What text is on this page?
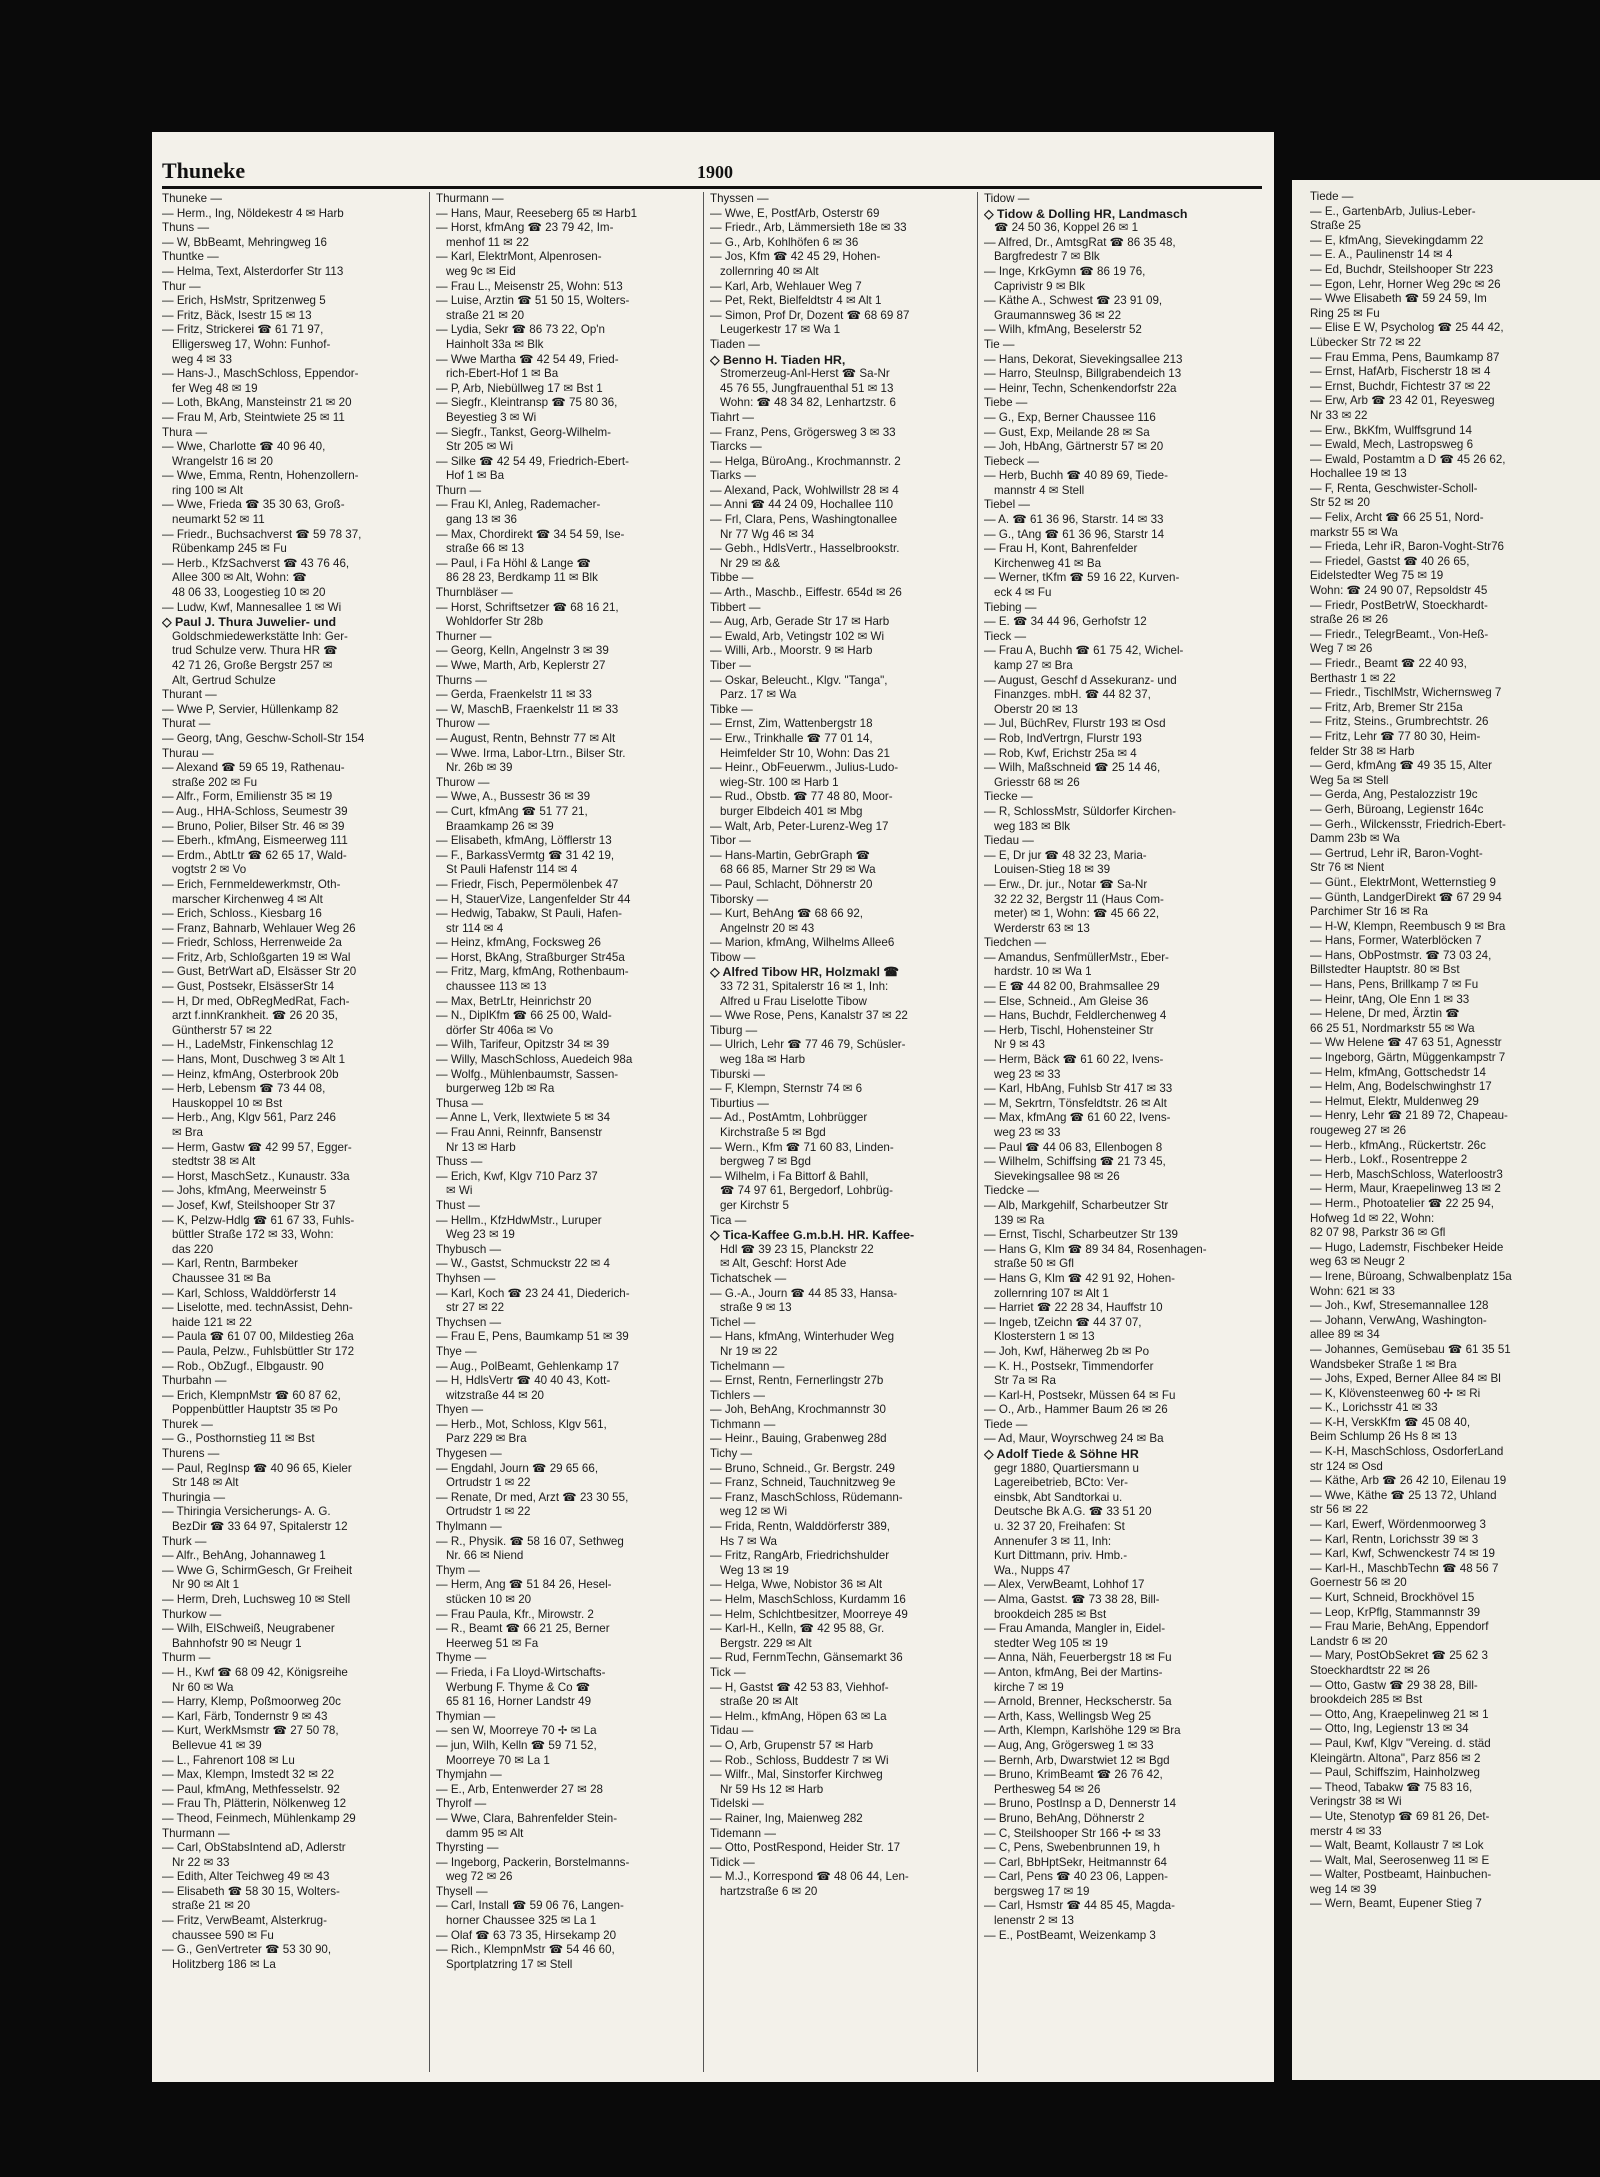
Thuneke	1900
Thuneke —
— Herm., Ing, Nöldekestr 4 ✉ Harb
Thuns —
— W, BbBeamt, Mehringweg 16
Thuntke —
— Helma, Text, Alsterdorfer Str 113
Thur —
— Erich, HsMstr, Spritzenweg 5
— Fritz, Bäck, Isestr 15 ✉ 13
— Fritz, Strickerei ☎ 61 71 97,
Elligersweg 17, Wohn: Funhof-
weg 4 ✉ 33
— Hans-J., MaschSchloss, Eppendor-
fer Weg 48 ✉ 19
— Loth, BkAng, Mansteinstr 21 ✉ 20
— Frau M, Arb, Steintwiete 25 ✉ 11
Thura —
— Wwe, Charlotte ☎ 40 96 40,
Wrangelstr 16 ✉ 20
— Wwe, Emma, Rentn, Hohenzollern-
ring 100 ✉ Alt
— Wwe, Frieda ☎ 35 30 63, Groß-
neumarkt 52 ✉ 11
— Friedr., Buchsachverst ☎ 59 78 37,
Rübenkamp 245 ✉ Fu
— Herb., KfzSachverst ☎ 43 76 46,
Allee 300 ✉ Alt, Wohn: ☎
48 06 33, Loogestieg 10 ✉ 20
— Ludw, Kwf, Mannesallee 1 ✉ Wi
◇ Paul J. Thura Juwelier- und
Goldschmiedewerkstätte Inh: Ger-
trud Schulze verw. Thura HR ☎
42 71 26, Große Bergstr 257 ✉
Alt, Gertrud Schulze
Thurant —
— Wwe P, Servier, Hüllenkamp 82
Thurat —
— Georg, tAng, Geschw-Scholl-Str 154
Thurau —
— Alexand ☎ 59 65 19, Rathenau-
straße 202 ✉ Fu
— Alfr., Form, Emilienstr 35 ✉ 19
— Aug., HHA-Schloss, Seumestr 39
— Bruno, Polier, Bilser Str. 46 ✉ 39
— Eberh., kfmAng, Eismeerweg 111
— Erdm., AbtLtr ☎ 62 65 17, Wald-
vogtstr 2 ✉ Vo
— Erich, Fernmeldewerkmstr, Oth-
marscher Kirchenweg 4 ✉ Alt
— Erich, Schloss., Kiesbarg 16
— Franz, Bahnarb, Wehlauer Weg 26
— Friedr, Schloss, Herrenweide 2a
— Fritz, Arb, Schloßgarten 19 ✉ Wal
— Gust, BetrWart aD, Elsässer Str 20
— Gust, Postsekr, ElsässerStr 14
— H, Dr med, ObRegMedRat, Fach-
arzt f.innKrankheit. ☎ 26 20 35,
Güntherstr 57 ✉ 22
— H., LadeMstr, Finkenschlag 12
— Hans, Mont, Duschweg 3 ✉ Alt 1
— Heinz, kfmAng, Osterbrook 20b
— Herb, Lebensm ☎ 73 44 08,
Hauskoppel 10 ✉ Bst
— Herb., Ang, Klgv 561, Parz 246
✉ Bra
— Herm, Gastw ☎ 42 99 57, Egger-
stedtstr 38 ✉ Alt
— Horst, MaschSetz., Kunaustr. 33a
— Johs, kfmAng, Meerweinstr 5
— Josef, Kwf, Steilshooper Str 37
— K, Pelzw-Hdlg ☎ 61 67 33, Fuhls-
büttler Straße 172 ✉ 33, Wohn:
das 220
— Karl, Rentn, Barmbeker
Chaussee 31 ✉ Ba
— Karl, Schloss, Walddörferstr 14
— Liselotte, med. technAssist, Dehn-
haide 121 ✉ 22
— Paula ☎ 61 07 00, Mildestieg 26a
— Paula, Pelzw., Fuhlsbüttler Str 172
— Rob., ObZugf., Elbgaustr. 90
Thurbahn —
— Erich, KlempnMstr ☎ 60 87 62,
Poppenbüttler Hauptstr 35 ✉ Po
Thurek —
— G., Posthornstieg 11 ✉ Bst
Thurens —
— Paul, RegInsp ☎ 40 96 65, Kieler
Str 148 ✉ Alt
Thuringia —
— Thiringia Versicherungs- A. G.
BezDir ☎ 33 64 97, Spitalerstr 12
Thurk —
— Alfr., BehAng, Johannaweg 1
— Wwe G, SchirmGesch, Gr Freiheit
Nr 90 ✉ Alt 1
— Herm, Dreh, Luchsweg 10 ✉ Stell
Thurkow —
— Wilh, ElSchweiß, Neugrabener
Bahnhofstr 90 ✉ Neugr 1
Thurm —
— H., Kwf ☎ 68 09 42, Königsreihe
Nr 60 ✉ Wa
— Harry, Klemp, Poßmoorweg 20c
— Karl, Färb, Tondernstr 9 ✉ 43
— Kurt, WerkMsmstr ☎ 27 50 78,
Bellevue 41 ✉ 39
— L., Fahrenort 108 ✉ Lu
— Max, Klempn, Imstedt 32 ✉ 22
— Paul, kfmAng, Methfesselstr. 92
— Frau Th, Plätterin, Nölkenweg 12
— Theod, Feinmech, Mühlenkamp 29
Thurmann —
— Carl, ObStabsIntend aD, Adlerstr
Nr 22 ✉ 33
— Edith, Alter Teichweg 49 ✉ 43
— Elisabeth ☎ 58 30 15, Wolters-
straße 21 ✉ 20
— Fritz, VerwBeamt, Alsterkrug-
chaussee 590 ✉ Fu
— G., GenVertreter ☎ 53 30 90,
Holitzberg 186 ✉ La
Thurmann —
— Hans, Maur, Reeseberg 65 ✉ Harb1
— Horst, kfmAng ☎ 23 79 42, Im-
menhof 11 ✉ 22
— Karl, ElektrMont, Alpenrosen-
weg 9c ✉ Eid
— Frau L., Meisenstr 25, Wohn: 513
— Luise, Arztin ☎ 51 50 15, Wolters-
straße 21 ✉ 20
— Lydia, Sekr ☎ 86 73 22, Op'n
Hainholt 33a ✉ Blk
— Wwe Martha ☎ 42 54 49, Fried-
rich-Ebert-Hof 1 ✉ Ba
— P, Arb, Niebüllweg 17 ✉ Bst 1
— Siegfr., Kleintransp ☎ 75 80 36,
Beyestieg 3 ✉ Wi
— Siegfr., Tankst, Georg-Wilhelm-
Str 205 ✉ Wi
— Silke ☎ 42 54 49, Friedrich-Ebert-
Hof 1 ✉ Ba
Thurn —
— Frau Kl, Anleg, Rademacher-
gang 13 ✉ 36
— Max, Chordirekt ☎ 34 54 59, Ise-
straße 66 ✉ 13
— Paul, i Fa Höhl & Lange ☎
86 28 23, Berdkamp 11 ✉ Blk
Thurnbläser —
— Horst, Schriftsetzer ☎ 68 16 21,
Wohldorfer Str 28b
Thurner —
— Georg, Kelln, Angelnstr 3 ✉ 39
— Wwe, Marth, Arb, Keplerstr 27
Thurns —
— Gerda, Fraenkelstr 11 ✉ 33
— W, MaschB, Fraenkelstr 11 ✉ 33
Thurow —
— August, Rentn, Behnstr 77 ✉ Alt
— Wwe. Irma, Labor-Ltrn., Bilser Str.
Nr. 26b ✉ 39
Thurow —
— Wwe, A., Bussestr 36 ✉ 39
— Curt, kfmAng ☎ 51 77 21,
Braamkamp 26 ✉ 39
— Elisabeth, kfmAng, Löfflerstr 13
— F., BarkassVermtg ☎ 31 42 19,
St Pauli Hafenstr 114 ✉ 4
— Friedr, Fisch, Pepermölenbek 47
— H, StauerVize, Langenfelder Str 44
— Hedwig, Tabakw, St Pauli, Hafen-
str 114 ✉ 4
— Heinz, kfmAng, Focksweg 26
— Horst, BkAng, Straßburger Str45a
— Fritz, Marg, kfmAng, Rothenbaum-
chaussee 113 ✉ 13
— Max, BetrLtr, Heinrichstr 20
— N., DiplKfm ☎ 66 25 00, Wald-
dörfer Str 406a ✉ Vo
— Wilh, Tarifeur, Opitzstr 34 ✉ 39
— Willy, MaschSchloss, Auedeich 98a
— Wolfg., Mühlenbaumstr, Sassen-
burgerweg 12b ✉ Ra
Thusa —
— Anne L, Verk, Ilextwiete 5 ✉ 34
— Frau Anni, Reinnfr, Bansenstr
Nr 13 ✉ Harb
Thuss —
— Erich, Kwf, Klgv 710 Parz 37
✉ Wi
Thust —
— Hellm., KfzHdwMstr., Luruper
Weg 23 ✉ 19
Thybusch —
— W., Gastst, Schmuckstr 22 ✉ 4
Thyhsen —
— Karl, Koch ☎ 23 24 41, Diederich-
str 27 ✉ 22
Thychsen —
— Frau E, Pens, Baumkamp 51 ✉ 39
Thye —
— Aug., PolBeamt, Gehlenkamp 17
— H, HdlsVertr ☎ 40 40 43, Kott-
witzstraße 44 ✉ 20
Thyen —
— Herb., Mot, Schloss, Klgv 561,
Parz 229 ✉ Bra
Thygesen —
— Engdahl, Journ ☎ 29 65 66,
Ortrudstr 1 ✉ 22
— Renate, Dr med, Arzt ☎ 23 30 55,
Ortrudstr 1 ✉ 22
Thylmann —
— R., Physik. ☎ 58 16 07, Sethweg
Nr. 66 ✉ Niend
Thym —
— Herm, Ang ☎ 51 84 26, Hesel-
stücken 10 ✉ 20
— Frau Paula, Kfr., Mirowstr. 2
— R., Beamt ☎ 66 21 25, Berner
Heerweg 51 ✉ Fa
Thyme —
— Frieda, i Fa Lloyd-Wirtschafts-
Werbung F. Thyme & Co ☎
65 81 16, Horner Landstr 49
Thymian —
— sen W, Moorreye 70 ✢ ✉ La
— jun, Wilh, Kelln ☎ 59 71 52,
Moorreye 70 ✉ La 1
Thymjahn —
— E., Arb, Entenwerder 27 ✉ 28
Thyrolf —
— Wwe, Clara, Bahrenfelder Stein-
damm 95 ✉ Alt
Thyrsting —
— Ingeborg, Packerin, Borstelmanns-
weg 72 ✉ 26
Thysell —
— Carl, Install ☎ 59 06 76, Langen-
horner Chaussee 325 ✉ La 1
— Olaf ☎ 63 73 35, Hirsekamp 20
— Rich., KlempnMstr ☎ 54 46 60,
Sportplatzring 17 ✉ Stell
Thyssen —
— Wwe, E, PostfArb, Osterstr 69
— Friedr., Arb, Lämmersieth 18e ✉ 33
— G., Arb, Kohlhöfen 6 ✉ 36
— Jos, Kfm ☎ 42 45 29, Hohen-
zollernring 40 ✉ Alt
— Karl, Arb, Wehlauer Weg 7
— Pet, Rekt, Bielfeldtstr 4 ✉ Alt 1
— Simon, Prof Dr, Dozent ☎ 68 69 87
Leugerkestr 17 ✉ Wa 1
Tiaden —
◇ Benno H. Tiaden HR,
Stromerzeug-Anl-Herst ☎ Sa-Nr
45 76 55, Jungfrauenthal 51 ✉ 13
Wohn: ☎ 48 34 82, Lenhartzstr. 6
Tiahrt —
— Franz, Pens, Grögersweg 3 ✉ 33
Tiarcks —
— Helga, BüroAng., Krochmannstr. 2
Tiarks —
— Alexand, Pack, Wohlwillstr 28 ✉ 4
— Anni ☎ 44 24 09, Hochallee 110
— Frl, Clara, Pens, Washingtonallee
Nr 77 Wg 46 ✉ 34
— Gebh., HdlsVertr., Hasselbrookstr.
Nr 29 ✉ &&
Tibbe —
— Arth., Maschb., Eiffestr. 654d ✉ 26
Tibbert —
— Aug, Arb, Gerade Str 17 ✉ Harb
— Ewald, Arb, Vetingstr 102 ✉ Wi
— Willi, Arb., Moorstr. 9 ✉ Harb
Tiber —
— Oskar, Beleucht., Klgv. "Tanga",
Parz. 17 ✉ Wa
Tibke —
— Ernst, Zim, Wattenbergstr 18
— Erw., Trinkhalle ☎ 77 01 14,
Heimfelder Str 10, Wohn: Das 21
— Heinr., ObFeuerwm., Julius-Ludo-
wieg-Str. 100 ✉ Harb 1
— Rud., Obstb. ☎ 77 48 80, Moor-
burger Elbdeich 401 ✉ Mbg
— Walt, Arb, Peter-Lurenz-Weg 17
Tibor —
— Hans-Martin, GebrGraph ☎
68 66 85, Marner Str 29 ✉ Wa
— Paul, Schlacht, Döhnerstr 20
Tiborsky —
— Kurt, BehAng ☎ 68 66 92,
Angelnstr 20 ✉ 43
— Marion, kfmAng, Wilhelms Allee6
Tibow —
◇ Alfred Tibow HR, Holzmakl ☎
33 72 31, Spitalerstr 16 ✉ 1, Inh:
Alfred u Frau Liselotte Tibow
— Wwe Rose, Pens, Kanalstr 37 ✉ 22
Tiburg —
— Ulrich, Lehr ☎ 77 46 79, Schüsler-
weg 18a ✉ Harb
Tiburski —
— F, Klempn, Sternstr 74 ✉ 6
Tiburtius —
— Ad., PostAmtm, Lohbrügger
Kirchstraße 5 ✉ Bgd
— Wern., Kfm ☎ 71 60 83, Linden-
bergweg 7 ✉ Bgd
— Wilhelm, i Fa Bittorf & Bahll,
☎ 74 97 61, Bergedorf, Lohbrüg-
ger Kirchstr 5
Tica —
◇ Tica-Kaffee G.m.b.H. HR. Kaffee-
Hdl ☎ 39 23 15, Planckstr 22
✉ Alt, Geschf: Horst Ade
Tichatschek —
— G.-A., Journ ☎ 44 85 33, Hansa-
straße 9 ✉ 13
Tichel —
— Hans, kfmAng, Winterhuder Weg
Nr 19 ✉ 22
Tichelmann —
— Ernst, Rentn, Fernerlingstr 27b
Tichlers —
— Joh, BehAng, Krochmannstr 30
Tichmann —
— Heinr., Bauing, Grabenweg 28d
Tichy —
— Bruno, Schneid., Gr. Bergstr. 249
— Franz, Schneid, Tauchnitzweg 9e
— Franz, MaschSchloss, Rüdemann-
weg 12 ✉ Wi
— Frida, Rentn, Walddörferstr 389,
Hs 7 ✉ Wa
— Fritz, RangArb, Friedrichshulder
Weg 13 ✉ 19
— Helga, Wwe, Nobistor 36 ✉ Alt
— Helm, MaschSchloss, Kurdamm 16
— Helm, Schlchtbesitzer, Moorreye 49
— Karl-H., Kelln, ☎ 42 95 88, Gr.
Bergstr. 229 ✉ Alt
— Rud, FernmTechn, Gänsemarkt 36
Tick —
— H, Gastst ☎ 42 53 83, Viehhof-
straße 20 ✉ Alt
— Helm., kfmAng, Höpen 63 ✉ La
Tidau —
— O, Arb, Grupenstr 57 ✉ Harb
— Rob., Schloss, Buddestr 7 ✉ Wi
— Wilfr., Mal, Sinstorfer Kirchweg
Nr 59 Hs 12 ✉ Harb
Tidelski —
— Rainer, Ing, Maienweg 282
Tidemann —
— Otto, PostRespond, Heider Str. 17
Tidick —
— M.J., Korrespond ☎ 48 06 44, Len-
hartzstraße 6 ✉ 20
Tidow —
◇ Tidow & Dolling HR, Landmasch
☎ 24 50 36, Koppel 26 ✉ 1
— Alfred, Dr., AmtsgRat ☎ 86 35 48,
Bargfredestr 7 ✉ Blk
— Inge, KrkGymn ☎ 86 19 76,
Caprivistr 9 ✉ Blk
— Käthe A., Schwest ☎ 23 91 09,
Graumannsweg 36 ✉ 22
— Wilh, kfmAng, Beselerstr 52
Tie —
— Hans, Dekorat, Sievekingsallee 213
— Harro, Steulnsp, Billgrabendeich 13
— Heinr, Techn, Schenkendorfstr 22a
Tiebe —
— G., Exp, Berner Chaussee 116
— Gust, Exp, Meilande 28 ✉ Sa
— Joh, HbAng, Gärtnerstr 57 ✉ 20
Tiebeck —
— Herb, Buchh ☎ 40 89 69, Tiede-
mannstr 4 ✉ Stell
Tiebel —
— A. ☎ 61 36 96, Starstr. 14 ✉ 33
— G., tAng ☎ 61 36 96, Starstr 14
— Frau H, Kont, Bahrenfelder
Kirchenweg 41 ✉ Ba
— Werner, tKfm ☎ 59 16 22, Kurven-
eck 4 ✉ Fu
Tiebing —
— E. ☎ 34 44 96, Gerhofstr 12
Tieck —
— Frau A, Buchh ☎ 61 75 42, Wichel-
kamp 27 ✉ Bra
— August, Geschf d Assekuranz- und
Finanzges. mbH. ☎ 44 82 37,
Oberstr 20 ✉ 13
— Jul, BüchRev, Flurstr 193 ✉ Osd
— Rob, IndVertrgn, Flurstr 193
— Rob, Kwf, Erichstr 25a ✉ 4
— Wilh, Maßschneid ☎ 25 14 46,
Griesstr 68 ✉ 26
Tiecke —
— R, SchlossMstr, Süldorfer Kirchen-
weg 183 ✉ Blk
Tiedau —
— E, Dr jur ☎ 48 32 23, Maria-
Louisen-Stieg 18 ✉ 39
— Erw., Dr. jur., Notar ☎ Sa-Nr
32 22 32, Bergstr 11 (Haus Com-
meter) ✉ 1, Wohn: ☎ 45 66 22,
Werderstr 63 ✉ 13
Tiedchen —
— Amandus, SenfmüllerMstr., Eber-
hardstr. 10 ✉ Wa 1
— E ☎ 44 82 00, Brahmsallee 29
— Else, Schneid., Am Gleise 36
— Hans, Buchdr, Feldlerchenweg 4
— Herb, Tischl, Hohensteiner Str
Nr 9 ✉ 43
— Herm, Bäck ☎ 61 60 22, Ivens-
weg 23 ✉ 33
— Karl, HbAng, Fuhlsb Str 417 ✉ 33
— M, Sekrtrn, Tönsfeldtstr. 26 ✉ Alt
— Max, kfmAng ☎ 61 60 22, Ivens-
weg 23 ✉ 33
— Paul ☎ 44 06 83, Ellenbogen 8
— Wilhelm, Schiffsing ☎ 21 73 45,
Sievekingsallee 98 ✉ 26
Tiedcke —
— Alb, Markgehilf, Scharbeutzer Str
139 ✉ Ra
— Ernst, Tischl, Scharbeutzer Str 139
— Hans G, Klm ☎ 89 34 84, Rosenhagen-
straße 50 ✉ Gfl
— Hans G, Klm ☎ 42 91 92, Hohen-
zollernring 107 ✉ Alt 1
— Harriet ☎ 22 28 34, Hauffstr 10
— Ingeb, tZeichn ☎ 44 37 07,
Klosterstern 1 ✉ 13
— Joh, Kwf, Häherweg 2b ✉ Po
— K. H., Postsekr, Timmendorfer
Str 7a ✉ Ra
— Karl-H, Postsekr, Müssen 64 ✉ Fu
— O., Arb., Hammer Baum 26 ✉ 26
Tiede —
— Ad, Maur, Woyrschweg 24 ✉ Ba
◇ Adolf Tiede & Söhne HR
gegr 1880, Quartiersmann u
Lagereibetrieb, BCto: Ver-
einsbk, Abt Sandtorkai u.
Deutsche Bk A.G. ☎ 33 51 20
u. 32 37 20, Freihafen: St
Annenufer 3 ✉ 11, Inh:
Kurt Dittmann, priv. Hmb.-
Wa., Nupps 47
— Alex, VerwBeamt, Lohhof 17
— Alma, Gastst. ☎ 73 38 28, Bill-
brookdeich 285 ✉ Bst
— Frau Amanda, Mangler in, Eidel-
stedter Weg 105 ✉ 19
— Anna, Näh, Feuerbergstr 18 ✉ Fu
— Anton, kfmAng, Bei der Martins-
kirche 7 ✉ 19
— Arnold, Brenner, Heckscherstr. 5a
— Arth, Kass, Wellingsb Weg 25
— Arth, Klempn, Karlshöhe 129 ✉ Bra
— Aug, Ang, Grögersweg 1 ✉ 33
— Bernh, Arb, Dwarstwiet 12 ✉ Bgd
— Bruno, KrimBeamt ☎ 26 76 42,
Perthesweg 54 ✉ 26
— Bruno, PostInsp a D, Dennerstr 14
— Bruno, BehAng, Döhnerstr 2
— C, Steilshooper Str 166 ✢ ✉ 33
— C, Pens, Swebenbrunnen 19, h
— Carl, BbHptSekr, Heitmannstr 64
— Carl, Pens ☎ 40 23 06, Lappen-
bergsweg 17 ✉ 19
— Carl, Hsmstr ☎ 44 85 45, Magda-
lenenstr 2 ✉ 13
— E., PostBeamt, Weizenkamp 3
Tiede —
— E., GartenbArb, Julius-Leber-
Straße 25
— E, kfmAng, Sievekingdamm 22
— E. A., Paulinenstr 14 ✉ 4
— Ed, Buchdr, Steilshooper Str 223
— Egon, Lehr, Horner Weg 29c ✉ 26
— Wwe Elisabeth ☎ 59 24 59, Im
Ring 25 ✉ Fu
— Elise E W, Psycholog ☎ 25 44 42,
Lübecker Str 72 ✉ 22
— Frau Emma, Pens, Baumkamp 87
— Ernst, HafArb, Fischerstr 18 ✉ 4
— Ernst, Buchdr, Fichtestr 37 ✉ 22
— Erw, Arb ☎ 23 42 01, Reyesweg
Nr 33 ✉ 22
— Erw., BkKfm, Wulffsgrund 14
— Ewald, Mech, Lastropsweg 6
— Ewald, Postamtm a D ☎ 45 26 62,
Hochallee 19 ✉ 13
— F, Renta, Geschwister-Scholl-
Str 52 ✉ 20
— Felix, Archt ☎ 66 25 51, Nord-
markstr 55 ✉ Wa
— Frieda, Lehr iR, Baron-Voght-Str76
— Friedel, Gastst ☎ 40 26 65,
Eidelstedter Weg 75 ✉ 19
Wohn: ☎ 24 90 07, Repsoldstr 45
— Friedr, PostBetrW, Stoeckhardt-
straße 26 ✉ 26
— Friedr., TelegrBeamt., Von-Heß-
Weg 7 ✉ 26
— Friedr., Beamt ☎ 22 40 93,
Berthastr 1 ✉ 22
— Friedr., TischlMstr, Wichernsweg 7
— Fritz, Arb, Bremer Str 215a
— Fritz, Steins., Grumbrechtstr. 26
— Fritz, Lehr ☎ 77 80 30, Heim-
felder Str 38 ✉ Harb
— Gerd, kfmAng ☎ 49 35 15, Alter
Weg 5a ✉ Stell
— Gerda, Ang, Pestalozzistr 19c
— Gerh, Büroang, Legienstr 164c
— Gerh., Wilckensstr, Friedrich-Ebert-
Damm 23b ✉ Wa
— Gertrud, Lehr iR, Baron-Voght-
Str 76 ✉ Nient
— Günt., ElektrMont, Wetternstieg 9
— Günth, LandgerDirekt ☎ 67 29 94
Parchimer Str 16 ✉ Ra
— H-W, Klempn, Reembusch 9 ✉ Bra
— Hans, Former, Waterblöcken 7
— Hans, ObPostmstr. ☎ 73 03 24,
Billstedter Hauptstr. 80 ✉ Bst
— Hans, Pens, Brillkamp 7 ✉ Fu
— Heinr, tAng, Ole Enn 1 ✉ 33
— Helene, Dr med, Ärztin ☎
66 25 51, Nordmarkstr 55 ✉ Wa
— Ww Helene ☎ 47 63 51, Agnesstr
— Ingeborg, Gärtn, Müggenkampstr 7
— Helm, kfmAng, Gottschedstr 14
— Helm, Ang, Bodelschwinghstr 17
— Helmut, Elektr, Muldenweg 29
— Henry, Lehr ☎ 21 89 72, Chapeau-
rougeweg 27 ✉ 26
— Herb., kfmAng., Rückertstr. 26c
— Herb., Lokf., Rosentreppe 2
— Herb, MaschSchloss, Waterloostr3
— Herm, Maur, Kraepelinweg 13 ✉ 2
— Herm., Photoatelier ☎ 22 25 94,
Hofweg 1d ✉ 22, Wohn:
82 07 98, Parkstr 36 ✉ Gfl
— Hugo, Lademstr, Fischbeker Heide
weg 63 ✉ Neugr 2
— Irene, Büroang, Schwalbenplatz 15a
Wohn: 621 ✉ 33
— Joh., Kwf, Stresemannallee 128
— Johann, VerwAng, Washington-
allee 89 ✉ 34
— Johannes, Gemüsebau ☎ 61 35 51
Wandsbeker Straße 1 ✉ Bra
— Johs, Exped, Berner Allee 84 ✉ Bl
— K, Klövensteenweg 60 ✢ ✉ Ri
— K., Lorichsstr 41 ✉ 33
— K-H, VerskKfm ☎ 45 08 40,
Beim Schlump 26 Hs 8 ✉ 13
— K-H, MaschSchloss, OsdorferLand
str 124 ✉ Osd
— Käthe, Arb ☎ 26 42 10, Eilenau 19
— Wwe, Käthe ☎ 25 13 72, Uhland
str 56 ✉ 22
— Karl, Ewerf, Wördenmoorweg 3
— Karl, Rentn, Lorichsstr 39 ✉ 3
— Karl, Kwf, Schwenckestr 74 ✉ 19
— Karl-H., MaschbTechn ☎ 48 56 7
Goernestr 56 ✉ 20
— Kurt, Schneid, Brockhövel 15
— Leop, KrPflg, Stammannstr 39
— Frau Marie, BehAng, Eppendorf
Landstr 6 ✉ 20
— Mary, PostObSekret ☎ 25 62 3
Stoeckhardtstr 22 ✉ 26
— Otto, Gastw ☎ 29 38 28, Bill-
brookdeich 285 ✉ Bst
— Otto, Ang, Kraepelinweg 21 ✉ 1
— Otto, Ing, Legienstr 13 ✉ 34
— Paul, Kwf, Klgv "Vereing. d. städ
Kleingärtn. Altona", Parz 856 ✉ 2
— Paul, Schiffszim, Hainholzweg
— Theod, Tabakw ☎ 75 83 16,
Veringstr 38 ✉ Wi
— Ute, Stenotyp ☎ 69 81 26, Det-
merstr 4 ✉ 33
— Walt, Beamt, Kollaustr 7 ✉ Lok
— Walt, Mal, Seerosenweg 11 ✉ E
— Walter, Postbeamt, Hainbuchen-
weg 14 ✉ 39
— Wern, Beamt, Eupener Stieg 7
